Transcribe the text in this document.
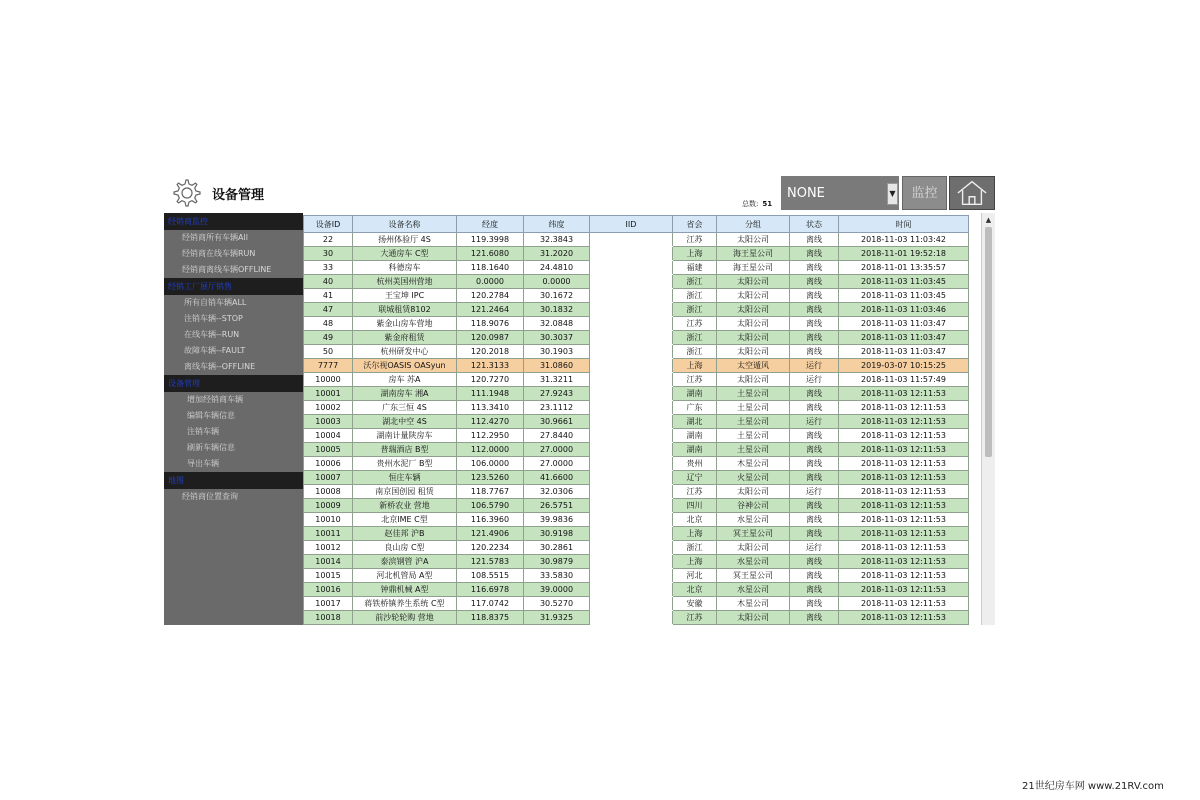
设备管理
总数: 51
NONE	▼	监控
经销商监控
经销商所有车辆All
经销商在线车辆RUN
经销商离线车辆OFFLINE
经销工厂展厅销售
所有自销车辆ALL
注销车辆--STOP
在线车辆--RUN
故障车辆--FAULT
离线车辆--OFFLINE
设备管理
增加经销商车辆
编辑车辆信息
注销车辆
刷新车辆信息
导出车辆
地图
经销商位置查询
设备ID	设备名称	经度	纬度	IID	省会	分组	状态	时间
22	扬州体验厅 4S	119.3998	32.3843		江苏	太阳公司	离线	2018-11-03 11:03:42
30	大通房车 C型	121.6080	31.2020		上海	海王星公司	离线	2018-11-01 19:52:18
33	科德房车	118.1640	24.4810		福建	海王星公司	离线	2018-11-01 13:35:57
40	杭州美国州营地	0.0000	0.0000		浙江	太阳公司	离线	2018-11-03 11:03:45
41	王宝坤 IPC	120.2784	30.1672		浙江	太阳公司	离线	2018-11-03 11:03:45
47	联城租赁8102	121.2464	30.1832		浙江	太阳公司	离线	2018-11-03 11:03:46
48	紫金山房车营地	118.9076	32.0848		江苏	太阳公司	离线	2018-11-03 11:03:47
49	紫金府租赁	120.0987	30.3037		浙江	太阳公司	离线	2018-11-03 11:03:47
50	杭州研发中心	120.2018	30.1903		浙江	太阳公司	离线	2018-11-03 11:03:47
7777	沃尔视OASIS OASyun	121.3133	31.0860		上海	太空遁风	运行	2019-03-07 10:15:25
10000	房车 苏A	120.7270	31.3211		江苏	太阳公司	运行	2018-11-03 11:57:49
10001	湖南房车 湘A	111.1948	27.9243		湖南	土星公司	离线	2018-11-03 12:11:53
10002	广东三恒 4S	113.3410	23.1112		广东	土星公司	离线	2018-11-03 12:11:53
10003	湖北中空 4S	112.4270	30.9661		湖北	土星公司	运行	2018-11-03 12:11:53
10004	湖南计量陕房车	112.2950	27.8440		湖南	土星公司	离线	2018-11-03 12:11:53
10005	普瑞酒店 B型	112.0000	27.0000		湖南	土星公司	离线	2018-11-03 12:11:53
10006	贵州水泥厂 B型	106.0000	27.0000		贵州	木星公司	离线	2018-11-03 12:11:53
10007	恒庄车辆	123.5260	41.6600		辽宁	火星公司	离线	2018-11-03 12:11:53
10008	南京国创园 租赁	118.7767	32.0306		江苏	太阳公司	运行	2018-11-03 12:11:53
10009	新桥农业 营地	106.5790	26.5751		四川	谷神公司	离线	2018-11-03 12:11:53
10010	北京IME C型	116.3960	39.9836		北京	水星公司	离线	2018-11-03 12:11:53
10011	赵佳邦 沪B	121.4906	30.9198		上海	冥王星公司	离线	2018-11-03 12:11:53
10012	良山房 C型	120.2234	30.2861		浙江	太阳公司	运行	2018-11-03 12:11:53
10014	泰滨钢管 沪A	121.5783	30.9879		上海	水星公司	离线	2018-11-03 12:11:53
10015	河北机管局 A型	108.5515	33.5830		河北	冥王星公司	离线	2018-11-03 12:11:53
10016	钟鼎机械 A型	116.6978	39.0000		北京	水星公司	离线	2018-11-03 12:11:53
10017	蒋铁桥镇养生系统 C型	117.0742	30.5270		安徽	木星公司	离线	2018-11-03 12:11:53
10018	前沙轮轮购 营地	118.8375	31.9325		江苏	太阳公司	离线	2018-11-03 12:11:53
▲
21世纪房车网 www.21RV.com
